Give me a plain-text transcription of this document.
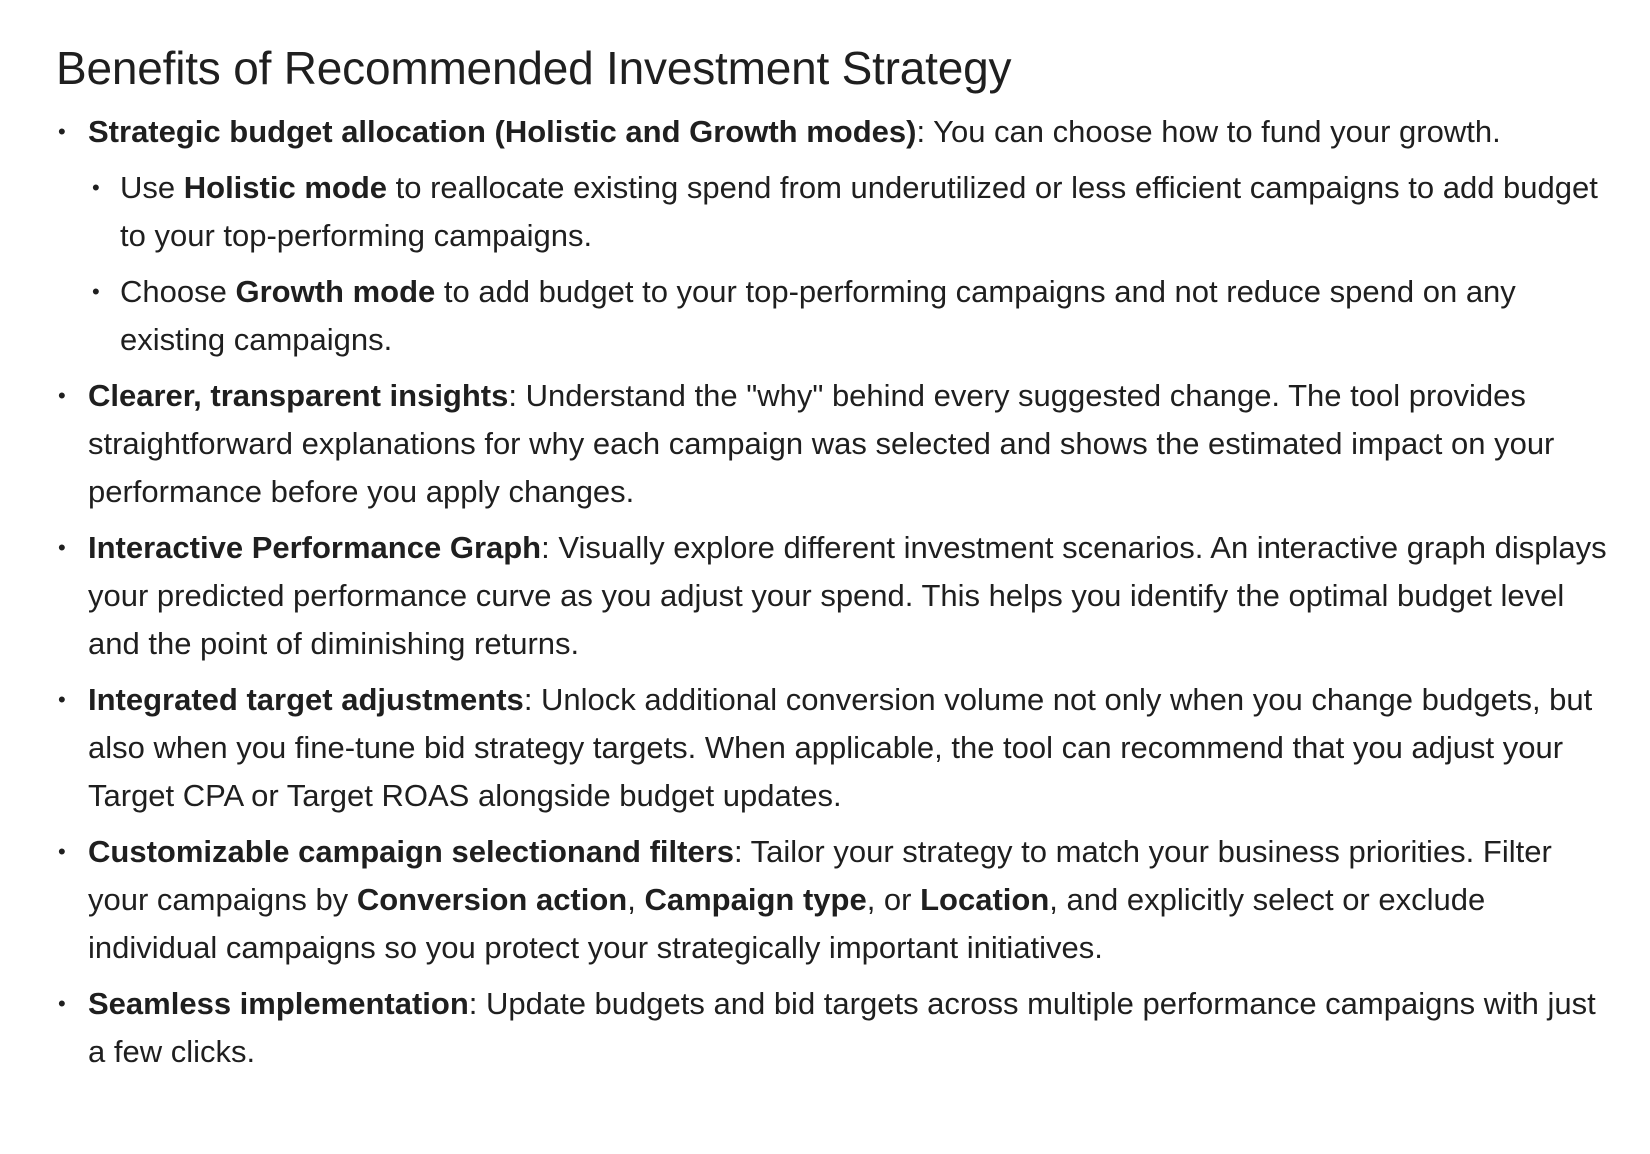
Benefits of Recommended Investment Strategy
• Strategic budget allocation (Holistic and Growth modes): You can choose how to fund your growth.
• Use Holistic mode to reallocate existing spend from underutilized or less efficient campaigns to add budget to your top-performing campaigns.
• Choose Growth mode to add budget to your top-performing campaigns and not reduce spend on any existing campaigns.
• Clearer, transparent insights: Understand the "why" behind every suggested change. The tool provides straightforward explanations for why each campaign was selected and shows the estimated impact on your performance before you apply changes.
• Interactive Performance Graph: Visually explore different investment scenarios. An interactive graph displays your predicted performance curve as you adjust your spend. This helps you identify the optimal budget level and the point of diminishing returns.
• Integrated target adjustments: Unlock additional conversion volume not only when you change budgets, but also when you fine-tune bid strategy targets. When applicable, the tool can recommend that you adjust your Target CPA or Target ROAS alongside budget updates.
• Customizable campaign selectionand filters: Tailor your strategy to match your business priorities. Filter your campaigns by Conversion action, Campaign type, or Location, and explicitly select or exclude individual campaigns so you protect your strategically important initiatives.
• Seamless implementation: Update budgets and bid targets across multiple performance campaigns with just a few clicks.
